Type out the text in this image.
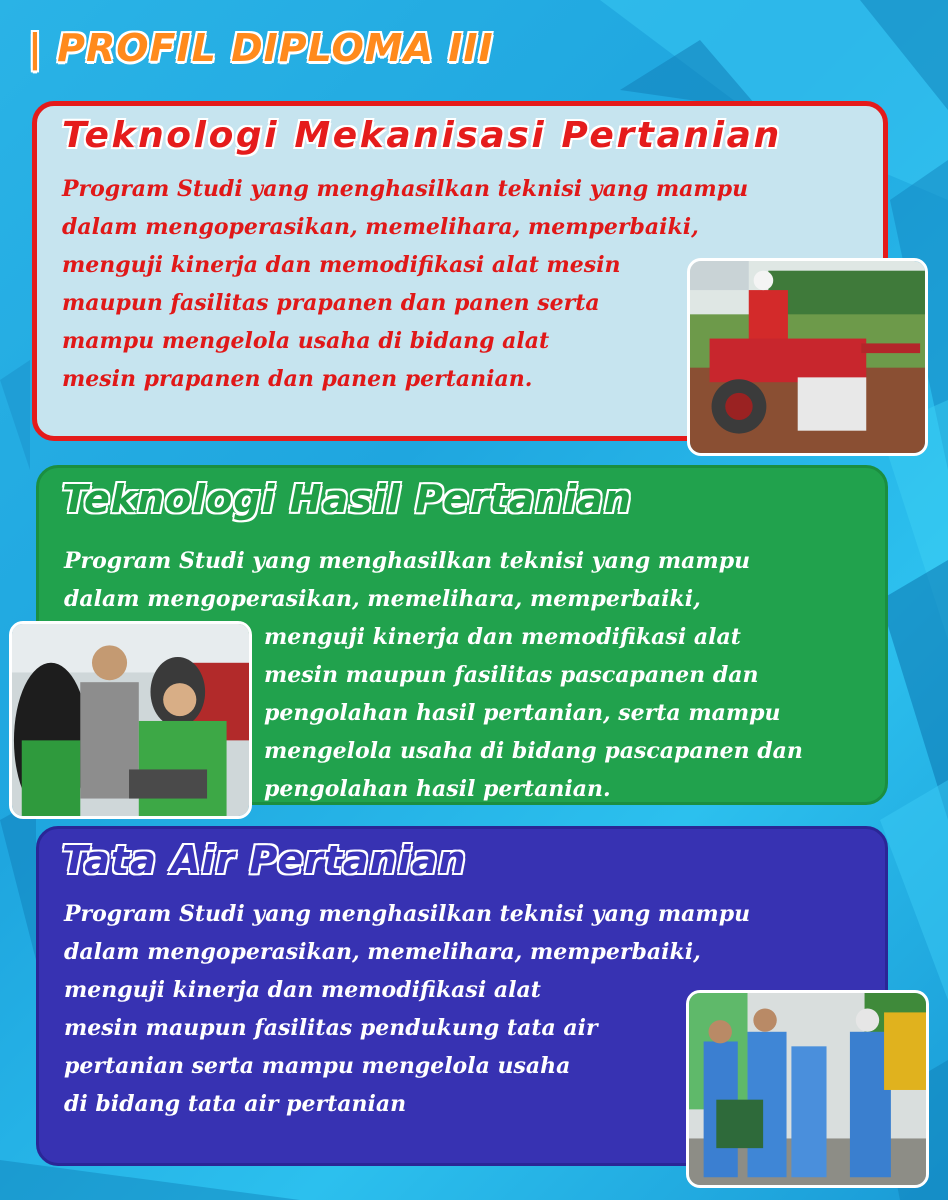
| PROFIL DIPLOMA III
Teknologi Mekanisasi Pertanian
Program Studi yang menghasilkan teknisi yang mampu
dalam mengoperasikan, memelihara, memperbaiki,
menguji kinerja dan memodifikasi alat mesin
maupun fasilitas prapanen dan panen serta
mampu mengelola usaha di bidang alat
mesin prapanen dan panen pertanian.
Teknologi Hasil Pertanian
Program Studi yang menghasilkan teknisi yang mampu
dalam mengoperasikan, memelihara, memperbaiki,
menguji kinerja dan memodifikasi alat
mesin maupun fasilitas pascapanen dan
pengolahan hasil pertanian, serta mampu
mengelola usaha di bidang pascapanen dan
pengolahan hasil pertanian.
Tata Air Pertanian
Program Studi yang menghasilkan teknisi yang mampu
dalam mengoperasikan, memelihara, memperbaiki,
menguji kinerja dan memodifikasi alat
mesin maupun fasilitas pendukung tata air
pertanian serta mampu mengelola usaha
di bidang tata air pertanian
